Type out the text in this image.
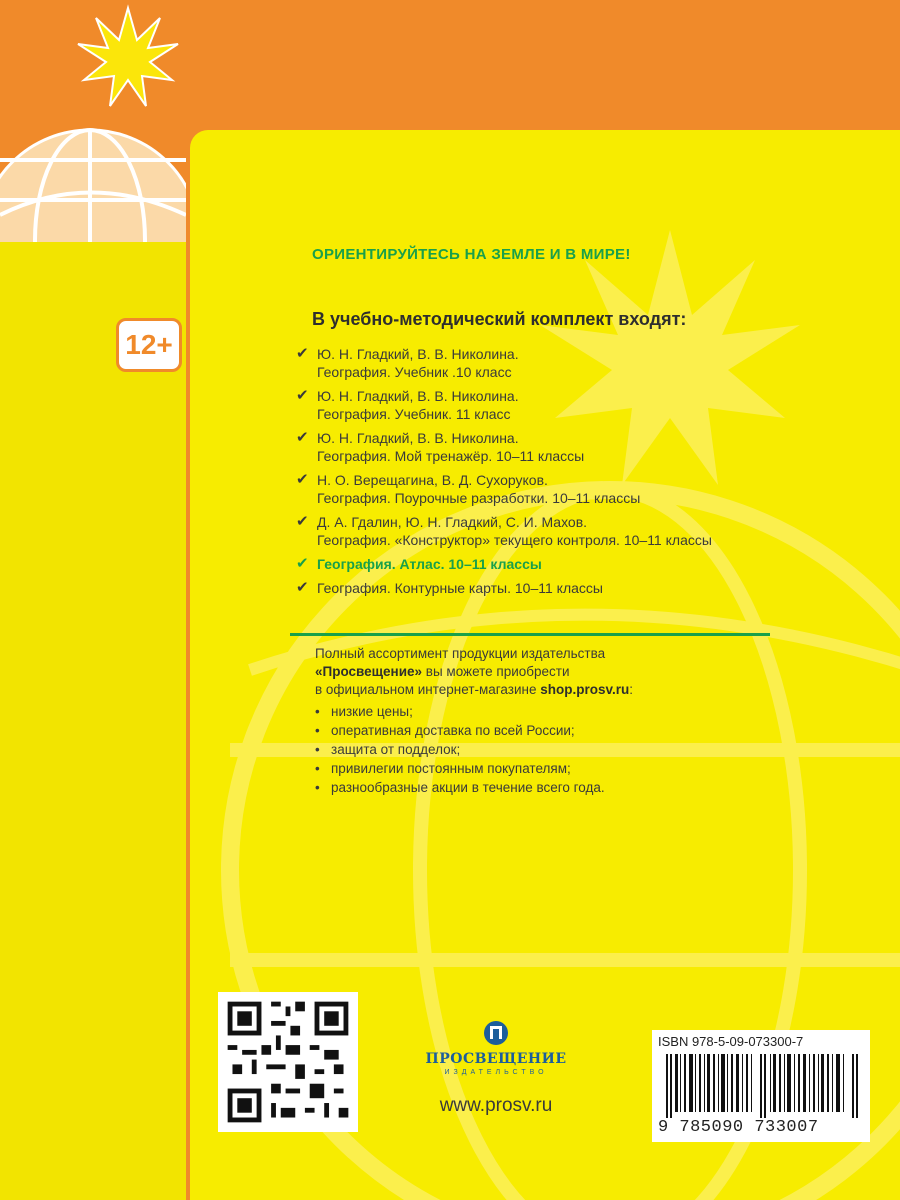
12+
ОРИЕНТИРУЙТЕСЬ НА ЗЕМЛЕ И В МИРЕ!
В учебно-методический комплект входят:
✔ Ю. Н. Гладкий, В. В. Николина.
География. Учебник .10 класс
✔ Ю. Н. Гладкий, В. В. Николина.
География. Учебник. 11 класс
✔ Ю. Н. Гладкий, В. В. Николина.
География. Мой тренажёр. 10–11 классы
✔ Н. О. Верещагина, В. Д. Сухоруков.
География. Поурочные разработки. 10–11 классы
✔ Д. А. Гдалин, Ю. Н. Гладкий, С. И. Махов.
География. «Конструктор» текущего контроля. 10–11 классы
✔ География. Атлас. 10–11 классы
✔ География. Контурные карты. 10–11 классы
Полный ассортимент продукции издательства
«Просвещение» вы можете приобрести
в официальном интернет-магазине shop.prosv.ru:
• низкие цены;
• оперативная доставка по всей России;
• защита от подделок;
• привилегии постоянным покупателям;
• разнообразные акции в течение всего года.
ПРОСВЕЩЕНИЕ
ИЗДАТЕЛЬСТВО
www.prosv.ru
ISBN 978-5-09-073300-7
9 785090 733007
